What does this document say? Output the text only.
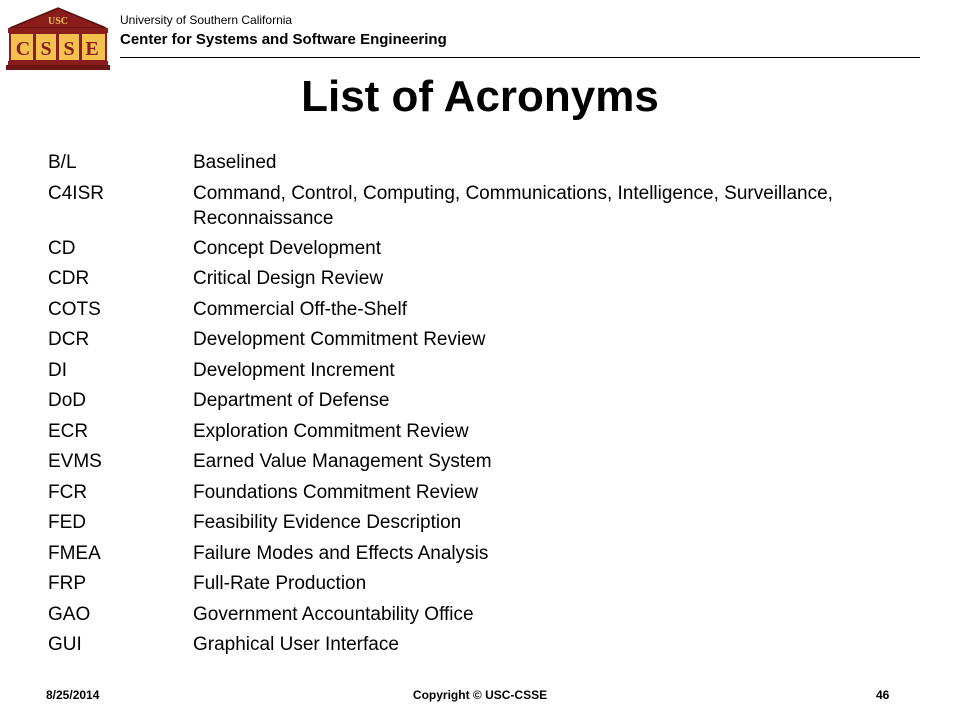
USC
C S S E
University of Southern California
Center for Systems and Software Engineering
List of Acronyms
B/L	Baselined
C4ISR	Command, Control, Computing, Communications, Intelligence, Surveillance, Reconnaissance
CD	Concept Development
CDR	Critical Design Review
COTS	Commercial Off-the-Shelf
DCR	Development Commitment Review
DI	Development Increment
DoD	Department of Defense
ECR	Exploration Commitment Review
EVMS	Earned Value Management System
FCR	Foundations Commitment Review
FED	Feasibility Evidence Description
FMEA	Failure Modes and Effects Analysis
FRP	Full-Rate Production
GAO	Government Accountability Office
GUI	Graphical User Interface
8/25/2014	Copyright © USC-CSSE	46
